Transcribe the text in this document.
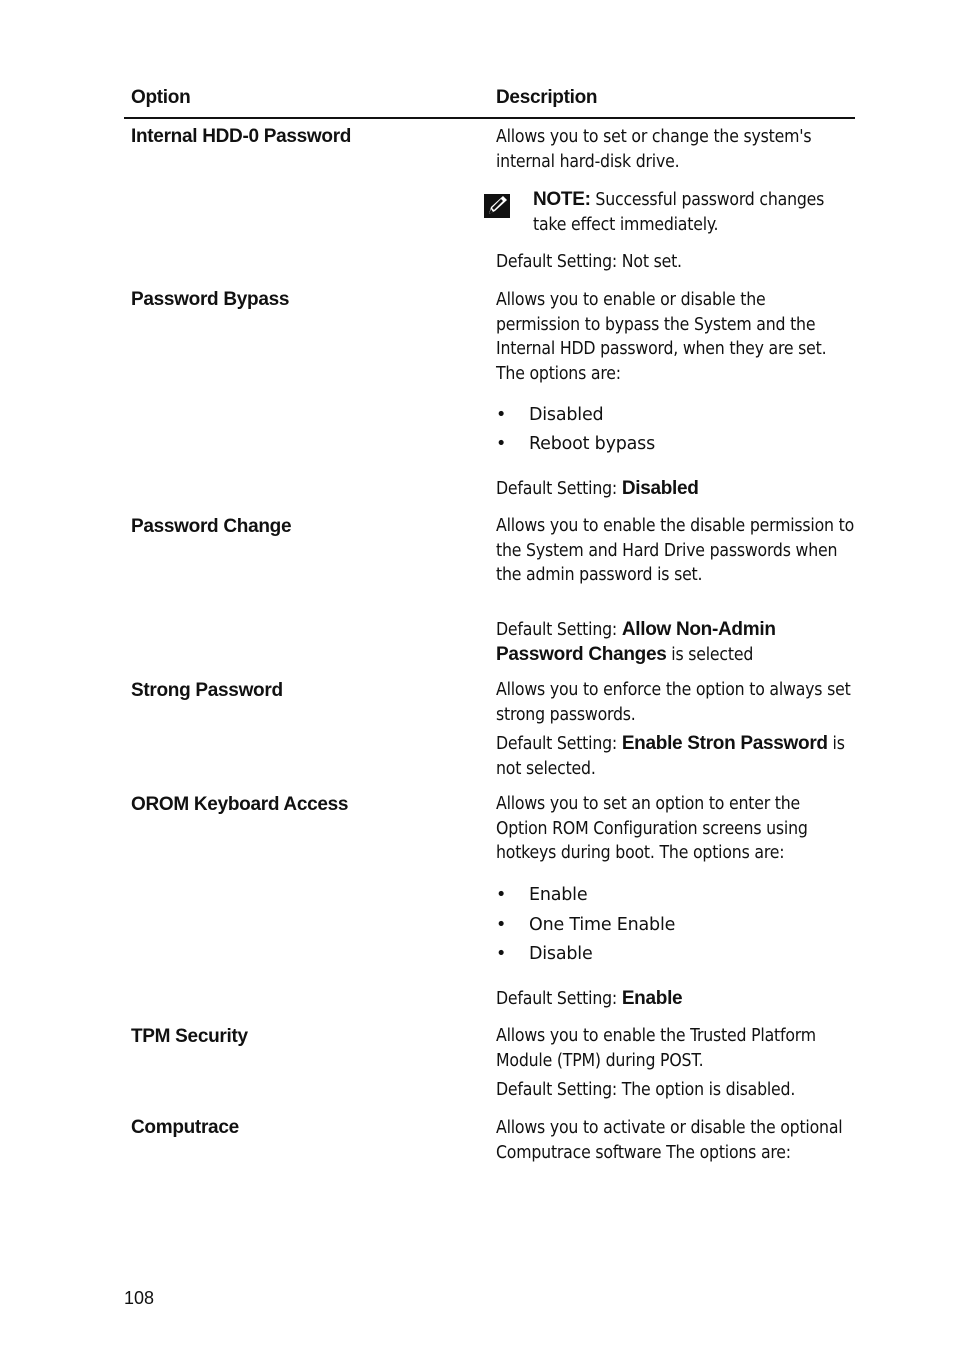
Option	Description
Internal HDD-0 Password	Allows you to set or change the system's internal hard-disk drive.
NOTE: Successful password changes take effect immediately.
Default Setting: Not set.
Password Bypass	Allows you to enable or disable the permission to bypass the System and the Internal HDD password, when they are set. The options are:
• Disabled
• Reboot bypass
Default Setting: Disabled
Password Change	Allows you to enable the disable permission to the System and Hard Drive passwords when the admin password is set.
Default Setting: Allow Non-Admin Password Changes is selected
Strong Password	Allows you to enforce the option to always set strong passwords.
Default Setting: Enable Stron Password is not selected.
OROM Keyboard Access	Allows you to set an option to enter the Option ROM Configuration screens using hotkeys during boot. The options are:
• Enable
• One Time Enable
• Disable
Default Setting: Enable
TPM Security	Allows you to enable the Trusted Platform Module (TPM) during POST.
Default Setting: The option is disabled.
Computrace	Allows you to activate or disable the optional Computrace software The options are:
108
